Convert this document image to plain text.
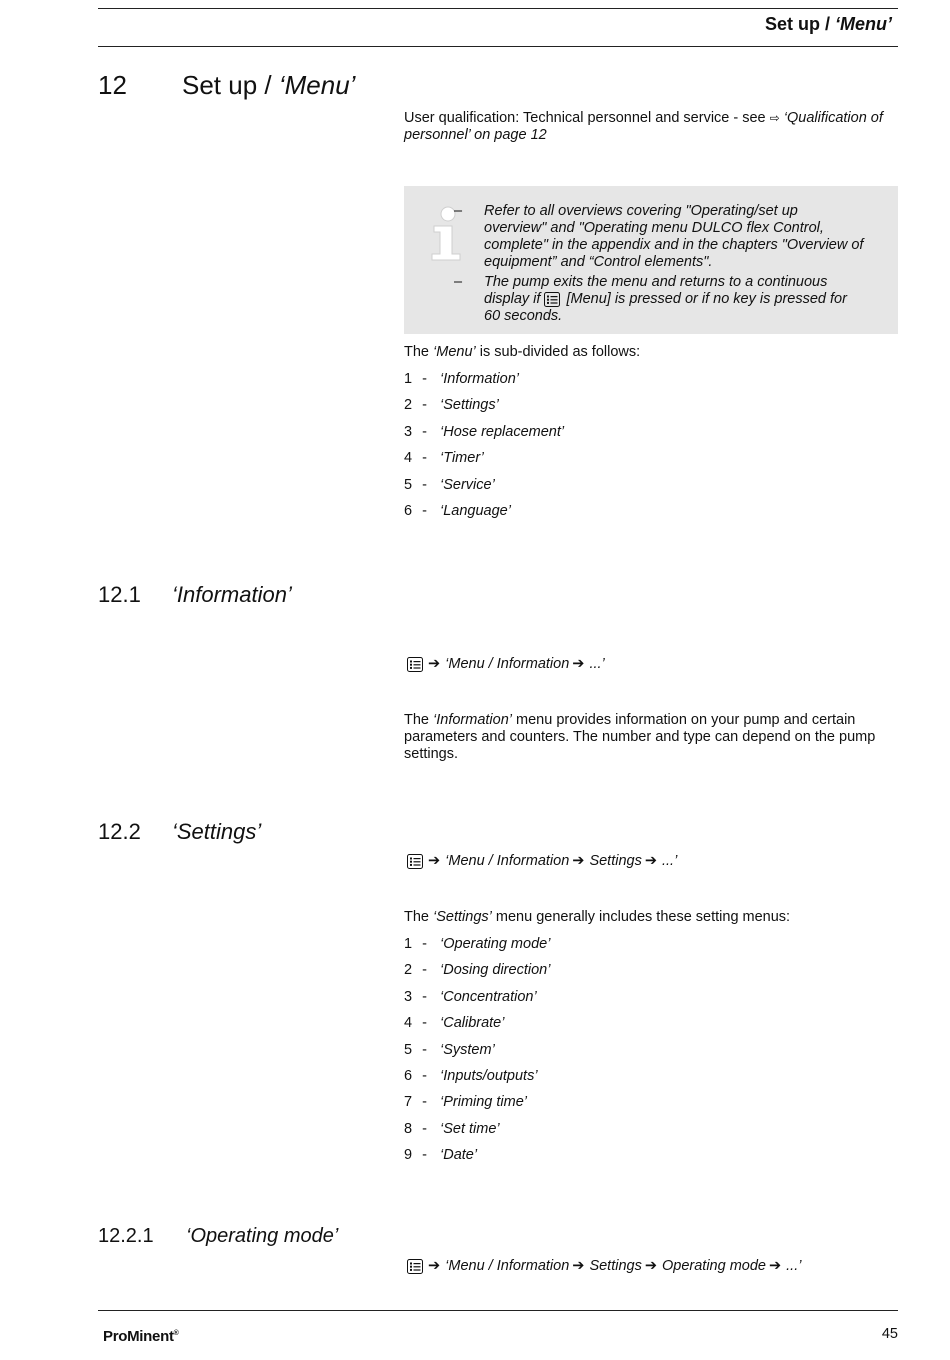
Set up / ‘Menu’
12 Set up / ‘Menu’
User qualification: Technical personnel and service - see ⇨ ‘Qualification of personnel’ on page 12
– Refer to all overviews covering "Operating/set up overview" and "Operating menu DULCO flex Control, complete" in the appendix and in the chapters "Overview of equipment” and “Control elements".
– The pump exits the menu and returns to a continuous display if  [Menu] is pressed or if no key is pressed for 60 seconds.
The ‘Menu’ is sub-divided as follows:
1 - ‘Information’
2 - ‘Settings’
3 - ‘Hose replacement’
4 - ‘Timer’
5 - ‘Service’
6 - ‘Language’
12.1 ‘Information’
➔ ‘Menu / Information ➔ ...’
The ‘Information’ menu provides information on your pump and certain parameters and counters. The number and type can depend on the pump settings.
12.2 ‘Settings’
➔ ‘Menu / Information ➔ Settings ➔ ...’
The ‘Settings’ menu generally includes these setting menus:
1 - ‘Operating mode’
2 - ‘Dosing direction’
3 - ‘Concentration’
4 - ‘Calibrate’
5 - ‘System’
6 - ‘Inputs/outputs’
7 - ‘Priming time’
8 - ‘Set time’
9 - ‘Date’
12.2.1 ‘Operating mode’
➔ ‘Menu / Information ➔ Settings ➔ Operating mode ➔ ...’
ProMinent®	45
